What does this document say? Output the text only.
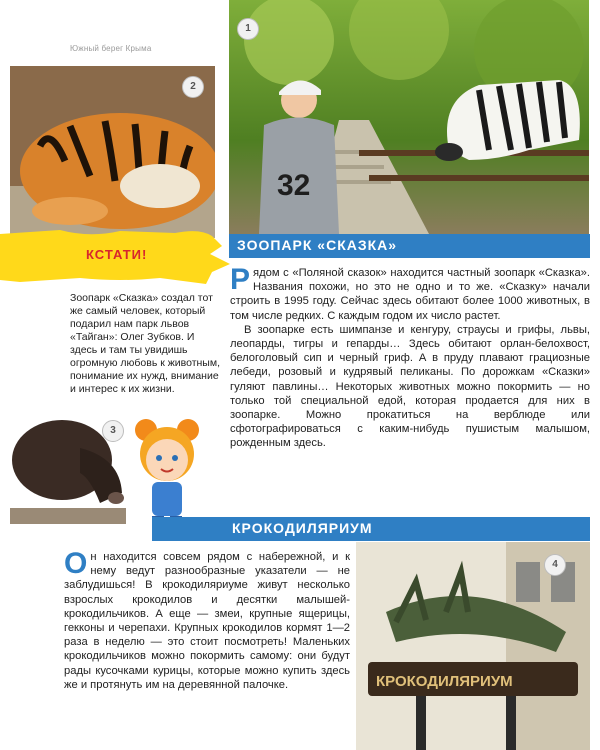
Южный берег Крыма
32
1
2
КСТАТИ!
Зоопарк «Сказка» создал тот же самый человек, который подарил нам парк львов «Тайган»: Олег Зубков. И здесь и там ты увидишь огромную любовь к животным, понимание их нужд, внимание и интерес к их жизни.
3
ЗООПАРК «СКАЗКА»

Рядом с «Поляной сказок» находится частный зоопарк «Сказка». Названия похожи, но это не одно и то же. «Сказку» начали строить в 1995 году. Сейчас здесь обитают более 1000 животных, в том числе редких. С каждым годом их число растет.

В зоопарке есть шимпанзе и кенгуру, страусы и грифы, львы, леопарды, тигры и гепарды… Здесь обитают орлан-белохвост, белоголовый сип и черный гриф. А в пруду плавают грациозные лебеди, розовый и кудрявый пеликаны. По дорожкам «Сказки» гуляют павлины… Некоторых животных можно покормить — но только той специальной едой, которая продается для них в зоопарке. Можно прокатиться на верблюде или сфотографироваться с каким-нибудь пушистым малышом, рожденным здесь.

КРОКОДИЛЯРИУМ

Он находится совсем рядом с набережной, и к нему ведут разнообразные указатели — не заблудишься! В крокодиляриуме живут несколько взрослых крокодилов и десятки малышей-крокодильчиков. А еще — змеи, крупные ящерицы, гекконы и черепахи. Крупных крокодилов кормят 1—2 раза в неделю — это стоит посмотреть! Маленьких крокодильчиков можно покормить самому: они будут рады кусочками курицы, которые можно купить здесь же и протянуть им на деревянной палочке.	КРОКОДИЛЯРИУМ
4
